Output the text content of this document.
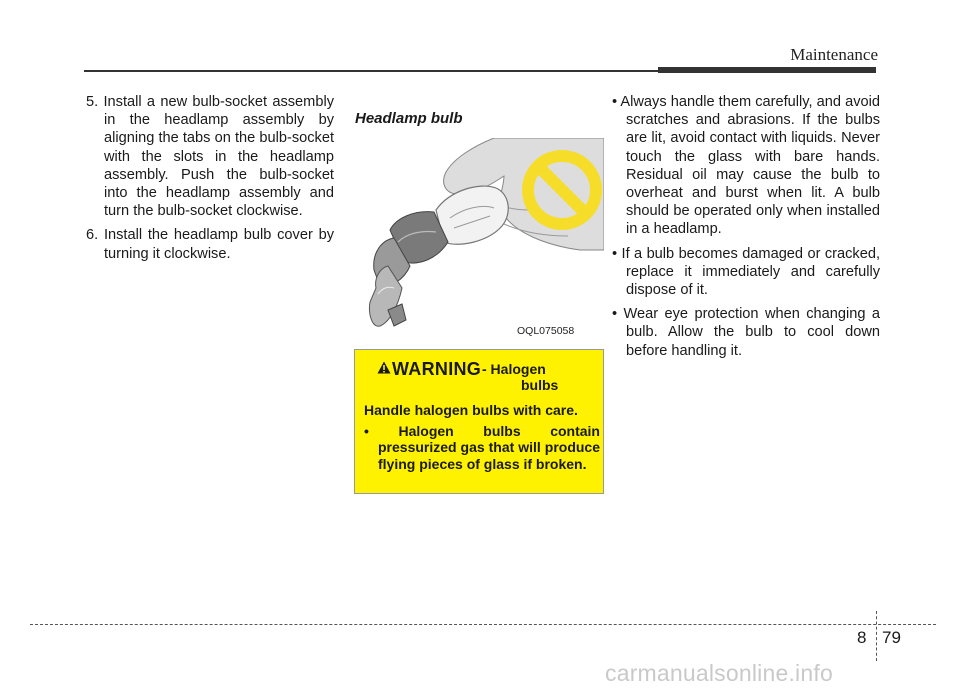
Maintenance

5. Install a new bulb-socket assembly in the headlamp assembly by aligning the tabs on the bulb-socket with the slots in the headlamp assembly. Push the bulb-socket into the headlamp assembly and turn the bulb-socket clockwise.

6. Install the headlamp bulb cover by turning it clockwise.

Headlamp bulb
OQL075058
WARNING - Halogen
bulbs

Handle halogen bulbs with care.

• Halogen bulbs contain pressurized gas that will produce flying pieces of glass if broken.

• Always handle them carefully, and avoid scratches and abrasions. If the bulbs are lit, avoid contact with liquids. Never touch the glass with bare hands. Residual oil may cause the bulb to overheat and burst when lit. A bulb should be operated only when installed in a headlamp.

• If a bulb becomes damaged or cracked, replace it immediately and carefully dispose of it.

• Wear eye protection when changing a bulb. Allow the bulb to cool down before handling it.

8 79
carmanualsonline.info
